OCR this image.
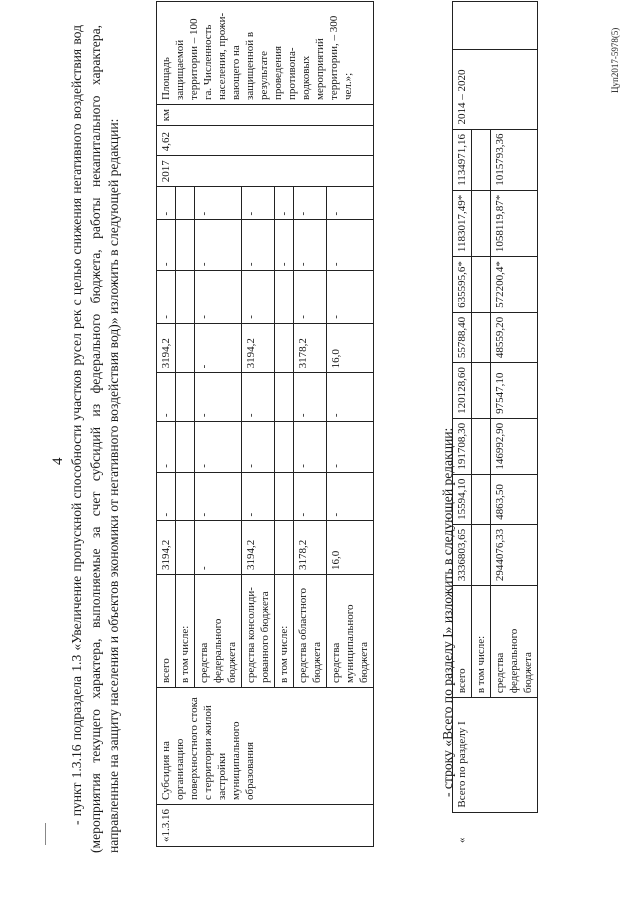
4 - пункт 1.3.16 подраздела 1.3 «Увеличение пропускной способности участков русел рек с целью снижения негативного воздействия вод (мероприятия текущего характера, выполняемые за счет субсидий из федерального бюджета, работы некапитального характера, направленные на защиту населения и объектов экономики от негативного воздействия вод)» изложить в следующей редакции:	«1.3.16	Субсидия на организацию поверхностного стока с территории жилой застройки муниципального образования	всего	3194,2	-	-	-	3194,2	-	-	-	2017	4,62	км	Площадь защищаемой территории – 100 га. Численность населения, прожи-вающего на защищенной в результате проведения противопа-водковых мероприятий территории, – 300 чел.»;
		в том числе:												
		средства федерального бюджета	-	-	-	-	-	-	-	-				
		средства консолиди-рованного бюджета	3194,2	-	-	-	3194,2	-	-	-				
		в том числе:							-	-				
		средства областного бюджета	3178,2	-	-	-	3178,2	-	-	-				
		средства муниципального бюджета	16,0	-	-	-	16,0	-	-	-				
- строку «Всего по разделу I» изложить в следующей редакции:
«	Всего по разделу I	всего	3336803,65	15594,10	191708,30	120128,60	55788,40	635595,6*	1183017,49*	1134971,16	2014 – 2020	
		в том числе:										
		средства федерального бюджета	2944076,33	4863,50	146992,90	97547,10	48559,20	572200,4*	1058119,87*	1015793,36		
Цуп2017-5978(5)
